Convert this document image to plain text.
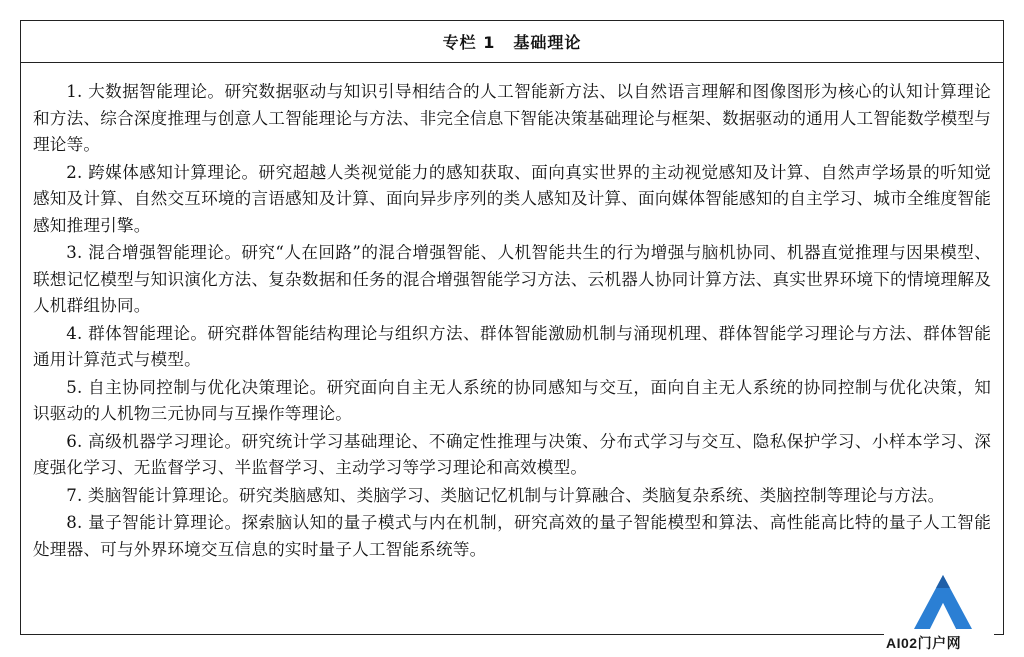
专栏 1 基础理论

1. 大数据智能理论。研究数据驱动与知识引导相结合的人工智能新方法、以自然语言理解和图像图形为核心的认知计算理论和方法、综合深度推理与创意人工智能理论与方法、非完全信息下智能决策基础理论与框架、数据驱动的通用人工智能数学模型与理论等。

2. 跨媒体感知计算理论。研究超越人类视觉能力的感知获取、面向真实世界的主动视觉感知及计算、自然声学场景的听知觉感知及计算、自然交互环境的言语感知及计算、面向异步序列的类人感知及计算、面向媒体智能感知的自主学习、城市全维度智能感知推理引擎。

3. 混合增强智能理论。研究“人在回路”的混合增强智能、人机智能共生的行为增强与脑机协同、机器直觉推理与因果模型、联想记忆模型与知识演化方法、复杂数据和任务的混合增强智能学习方法、云机器人协同计算方法、真实世界环境下的情境理解及人机群组协同。

4. 群体智能理论。研究群体智能结构理论与组织方法、群体智能激励机制与涌现机理、群体智能学习理论与方法、群体智能通用计算范式与模型。

5. 自主协同控制与优化决策理论。研究面向自主无人系统的协同感知与交互，面向自主无人系统的协同控制与优化决策，知识驱动的人机物三元协同与互操作等理论。

6. 高级机器学习理论。研究统计学习基础理论、不确定性推理与决策、分布式学习与交互、隐私保护学习、小样本学习、深度强化学习、无监督学习、半监督学习、主动学习等学习理论和高效模型。

7. 类脑智能计算理论。研究类脑感知、类脑学习、类脑记忆机制与计算融合、类脑复杂系统、类脑控制等理论与方法。

8. 量子智能计算理论。探索脑认知的量子模式与内在机制，研究高效的量子智能模型和算法、高性能高比特的量子人工智能处理器、可与外界环境交互信息的实时量子人工智能系统等。

AI02门户网
